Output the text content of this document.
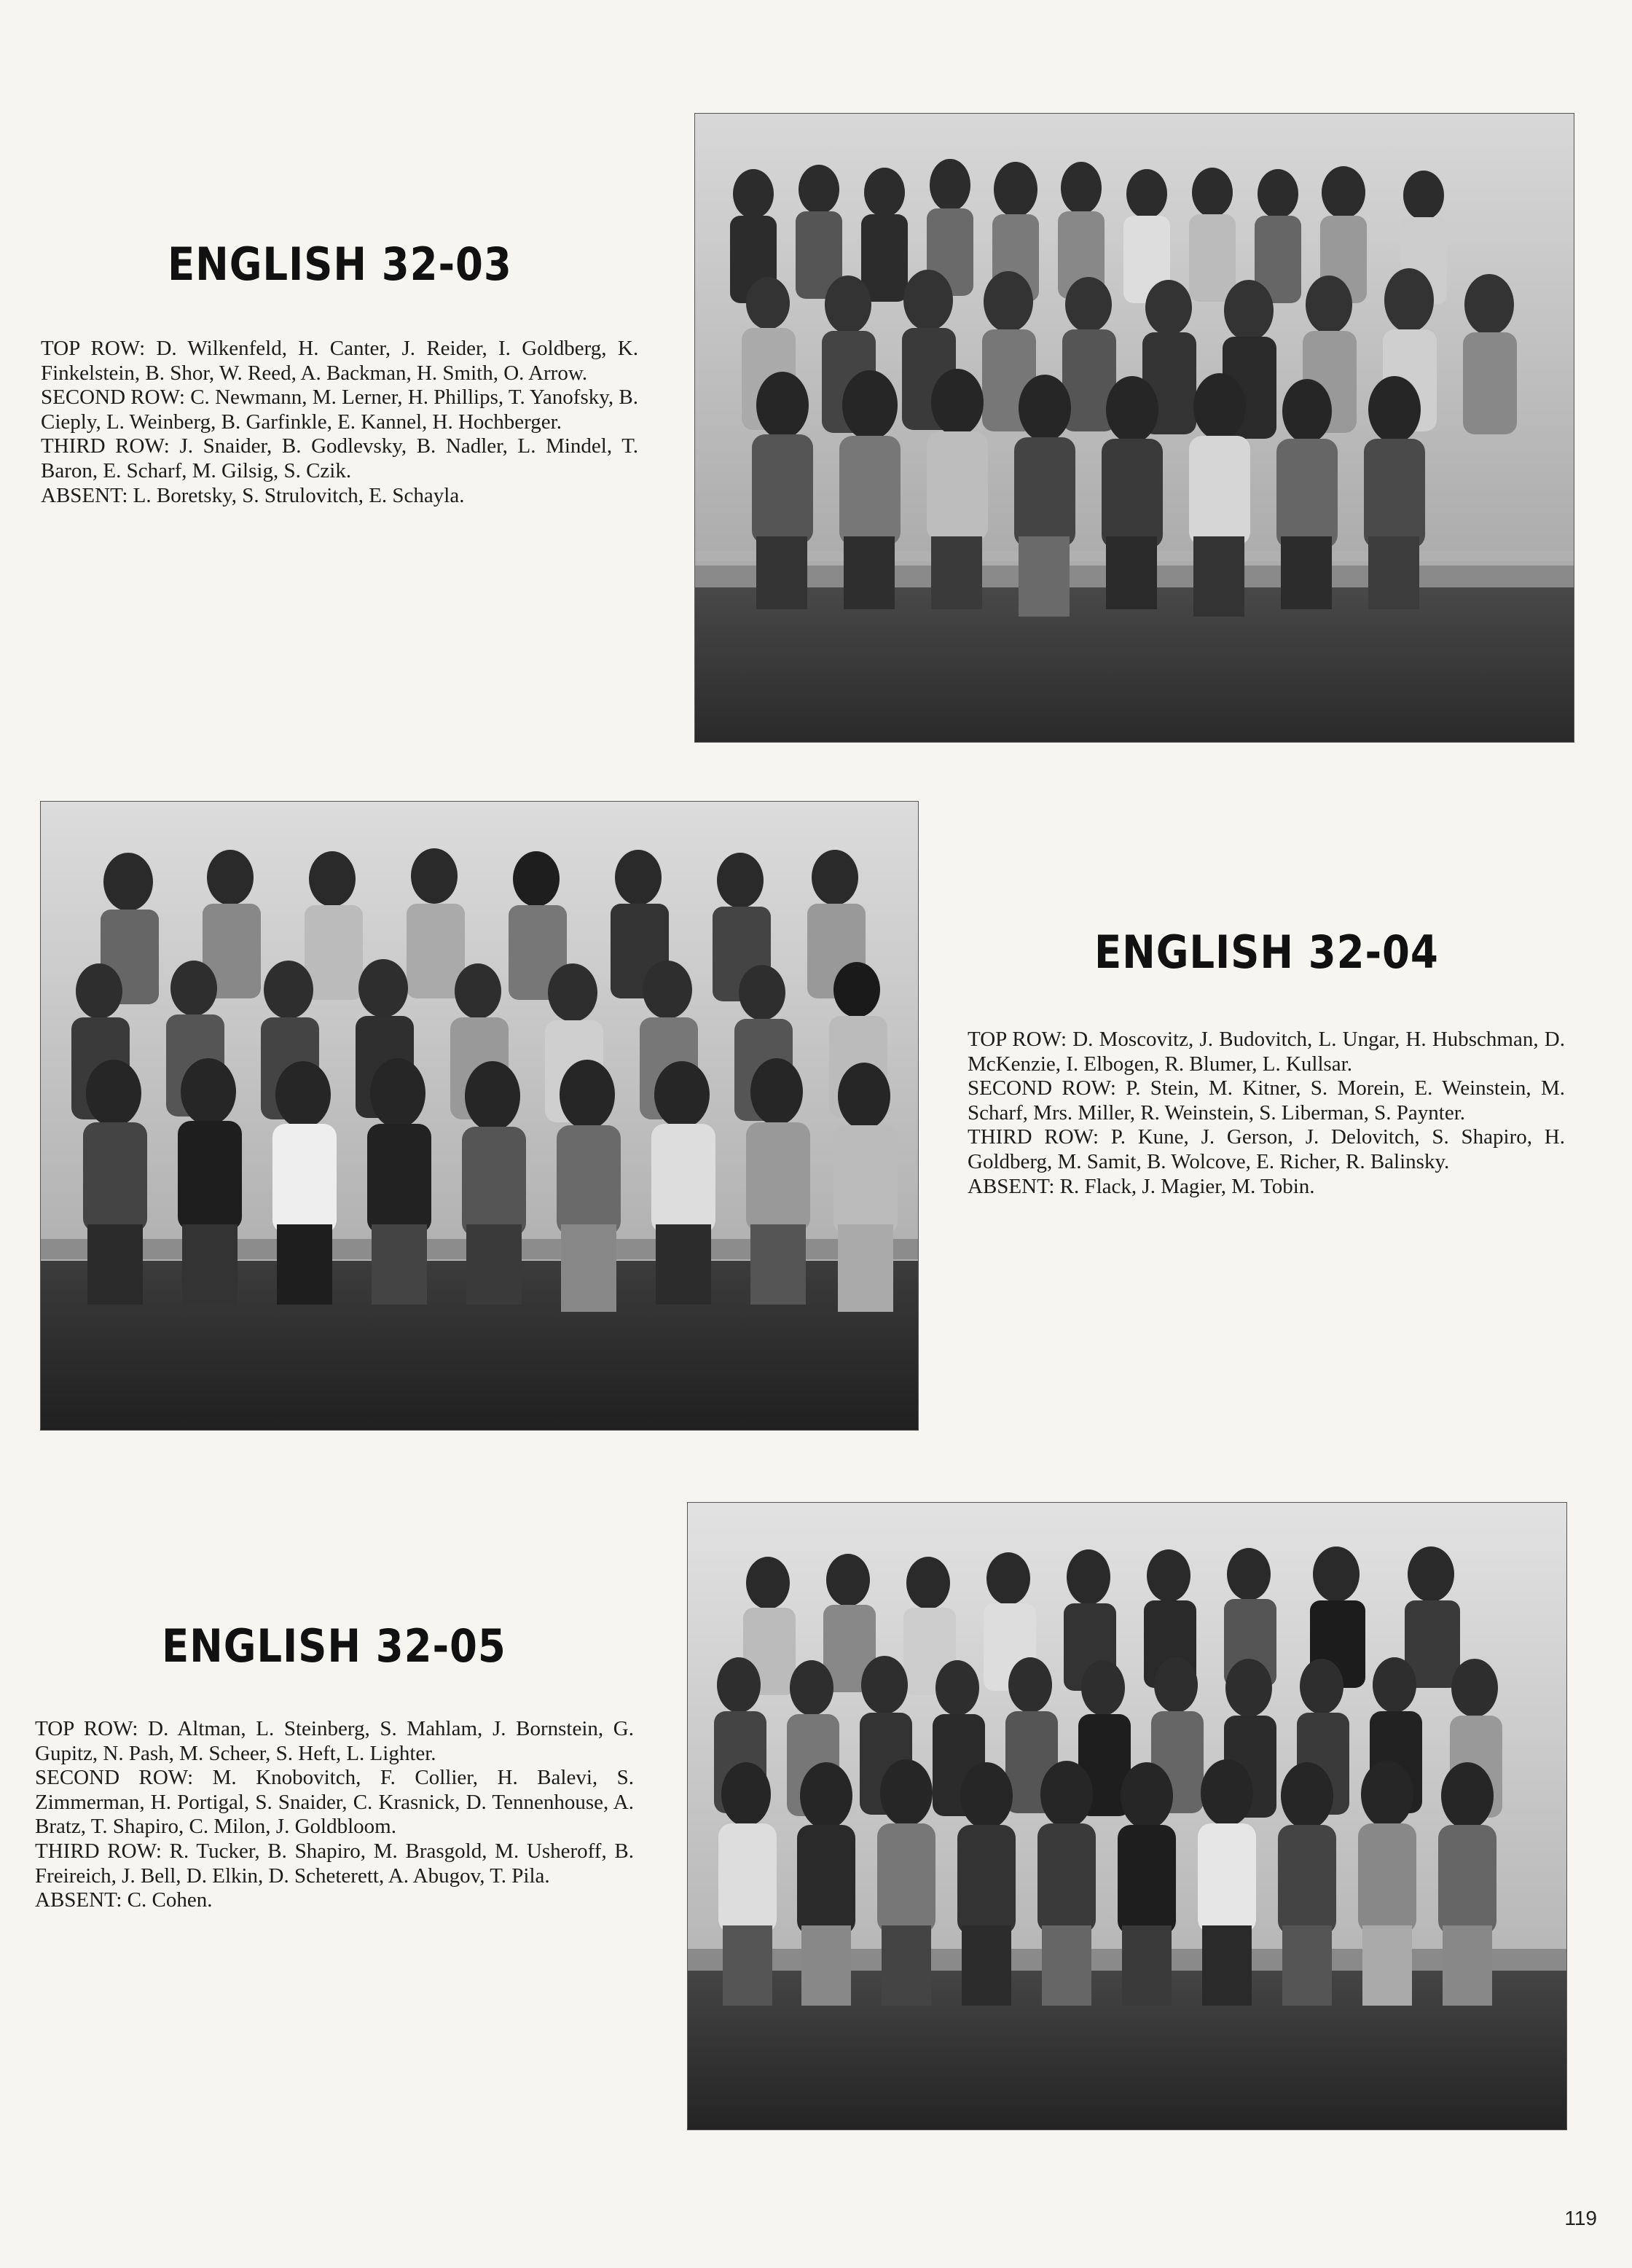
ENGLISH 32-03

TOP ROW: D. Wilkenfeld, H. Canter, J. Reider, I. Goldberg, K. Finkelstein, B. Shor, W. Reed, A. Backman, H. Smith, O. Arrow.

SECOND ROW: C. Newmann, M. Lerner, H. Phillips, T. Yanofsky, B. Cieply, L. Weinberg, B. Garfinkle, E. Kannel, H. Hochberger.

THIRD ROW: J. Snaider, B. Godlevsky, B. Nadler, L. Mindel, T. Baron, E. Scharf, M. Gilsig, S. Czik.

ABSENT: L. Boretsky, S. Strulovitch, E. Schayla.

ENGLISH 32-04

TOP ROW: D. Moscovitz, J. Budovitch, L. Ungar, H. Hubschman, D. McKenzie, I. Elbogen, R. Blumer, L. Kullsar.

SECOND ROW: P. Stein, M. Kitner, S. Morein, E. Weinstein, M. Scharf, Mrs. Miller, R. Weinstein, S. Liberman, S. Paynter.

THIRD ROW: P. Kune, J. Gerson, J. Delovitch, S. Shapiro, H. Goldberg, M. Samit, B. Wolcove, E. Richer, R. Balinsky.

ABSENT: R. Flack, J. Magier, M. Tobin.

ENGLISH 32-05

TOP ROW: D. Altman, L. Steinberg, S. Mahlam, J. Bornstein, G. Gupitz, N. Pash, M. Scheer, S. Heft, L. Lighter.

SECOND ROW: M. Knobovitch, F. Collier, H. Balevi, S. Zimmerman, H. Portigal, S. Snaider, C. Krasnick, D. Tennenhouse, A. Bratz, T. Shapiro, C. Milon, J. Goldbloom.

THIRD ROW: R. Tucker, B. Shapiro, M. Brasgold, M. Usheroff, B. Freireich, J. Bell, D. Elkin, D. Scheterett, A. Abugov, T. Pila.

ABSENT: C. Cohen.

119
